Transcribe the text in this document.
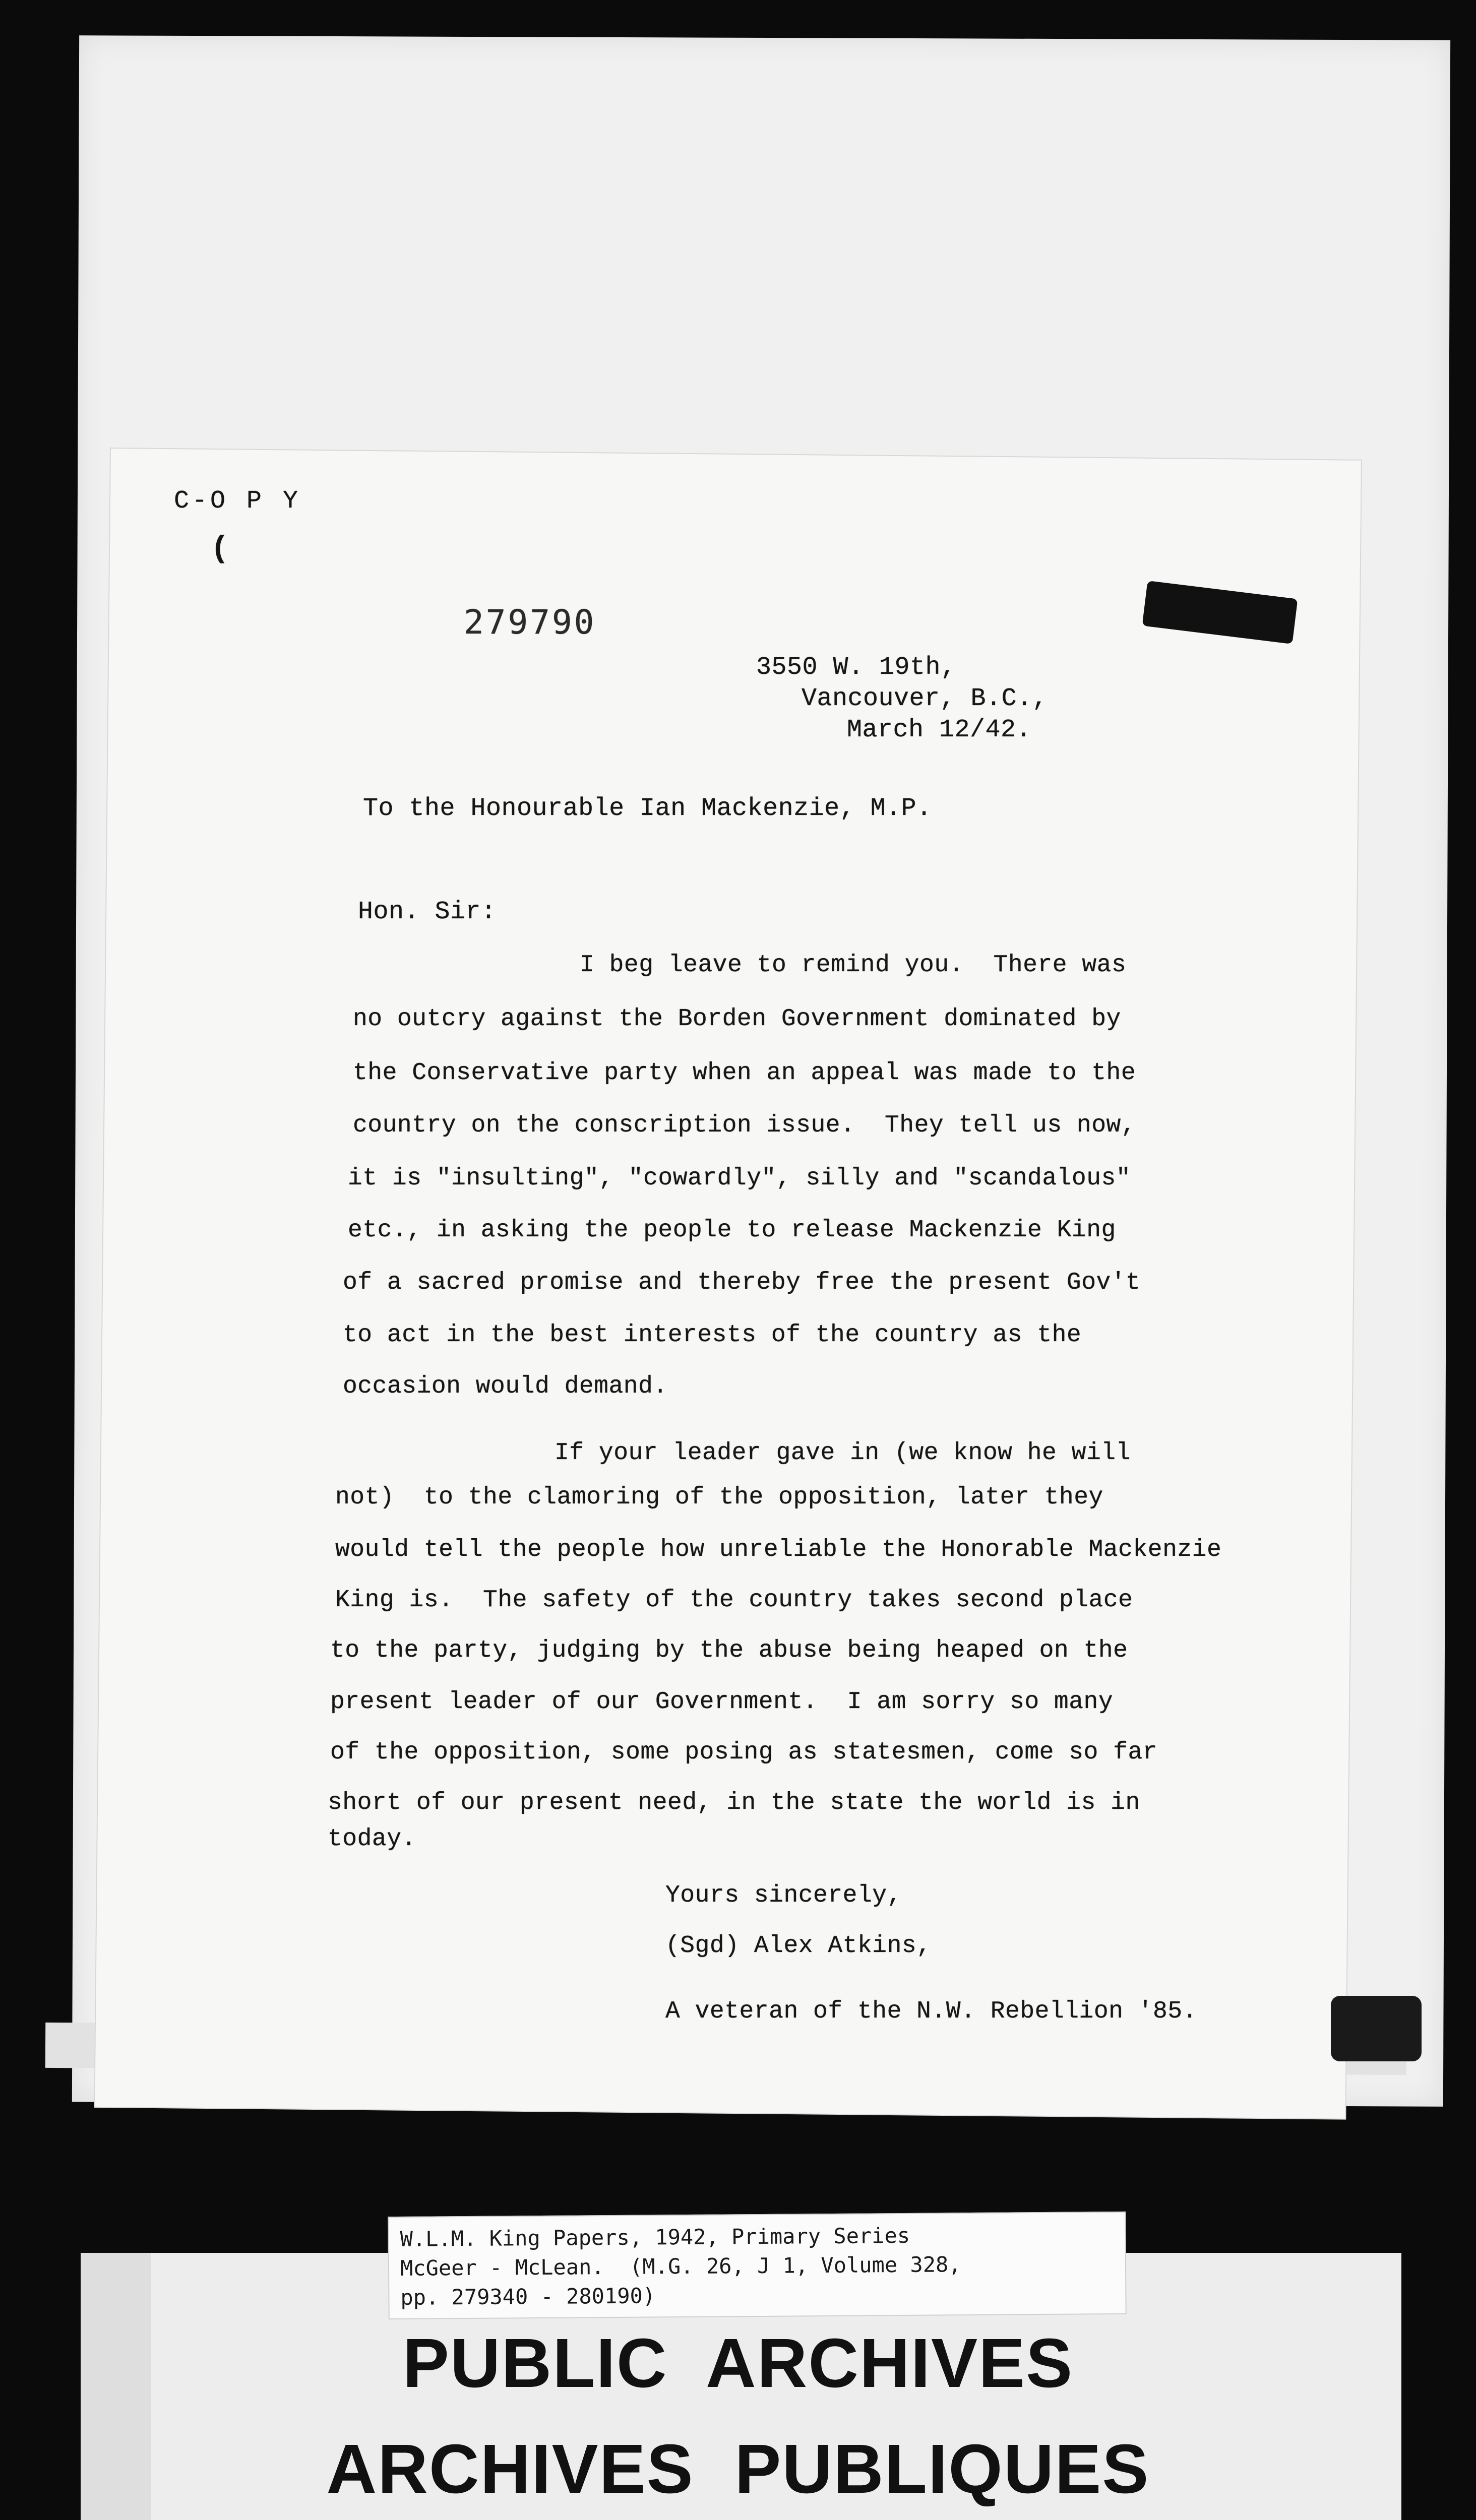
C-O P Y
(
279790
3550 W. 19th,
Vancouver, B.C.,
March 12/42.
To the Honourable Ian Mackenzie, M.P.
Hon. Sir:
I beg leave to remind you.  There was
no outcry against the Borden Government dominated by
the Conservative party when an appeal was made to the
country on the conscription issue.  They tell us now,
it is "insulting", "cowardly", silly and "scandalous"
etc., in asking the people to release Mackenzie King
of a sacred promise and thereby free the present Gov't
to act in the best interests of the country as the
occasion would demand.
If your leader gave in (we know he will
not)  to the clamoring of the opposition, later they
would tell the people how unreliable the Honorable Mackenzie
King is.  The safety of the country takes second place
to the party, judging by the abuse being heaped on the
present leader of our Government.  I am sorry so many
of the opposition, some posing as statesmen, come so far
short of our present need, in the state the world is in
today.
Yours sincerely,
(Sgd) Alex Atkins,
A veteran of the N.W. Rebellion '85.
W.L.M. King Papers, 1942, Primary Series
McGeer - McLean.  (M.G. 26, J 1, Volume 328,
pp. 279340 - 280190)
PUBLIC  ARCHIVES
ARCHIVES  PUBLIQUES
